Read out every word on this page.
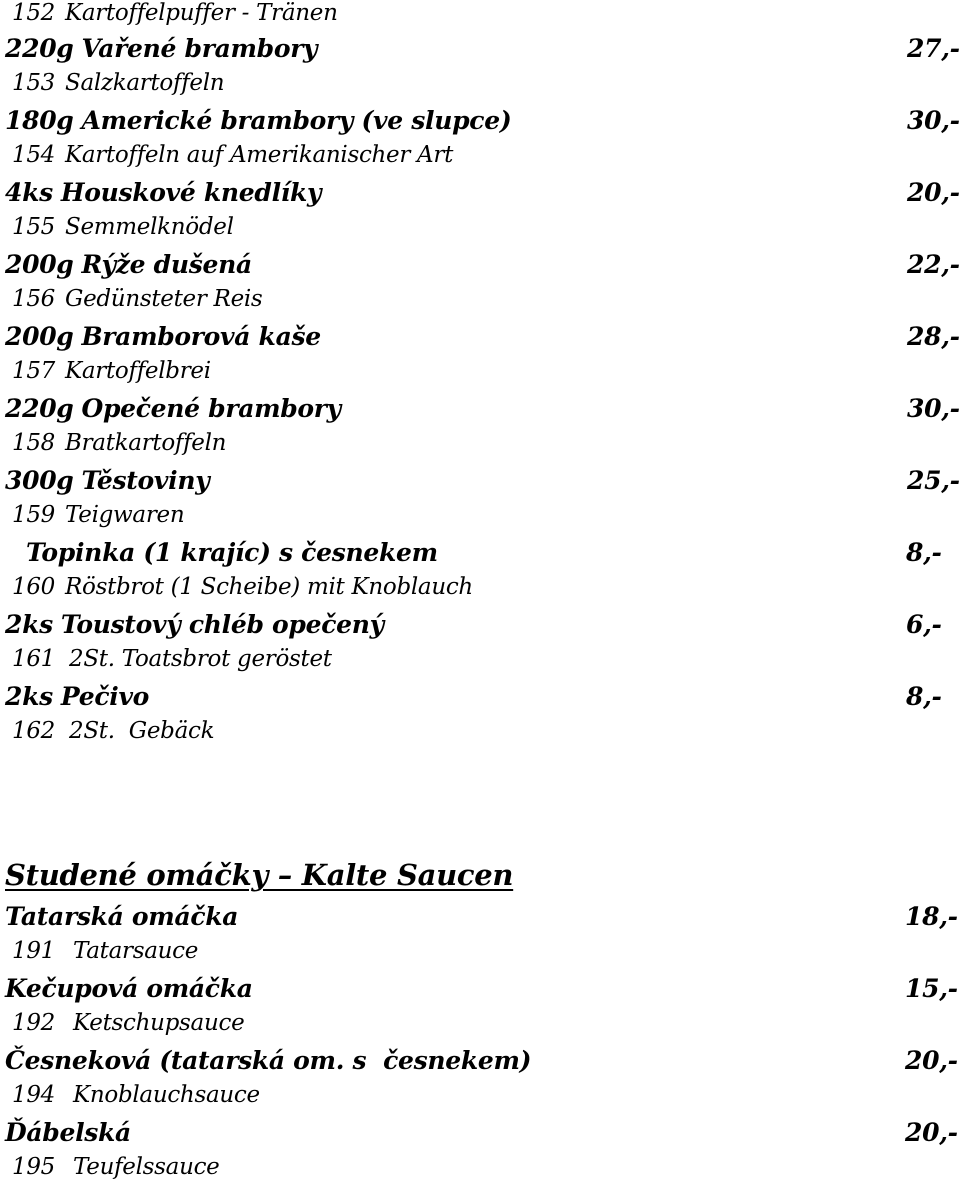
152 Kartoffelpuffer - Tränen
220g Vařené brambory	27,-
153 Salzkartoffeln
180g Americké brambory (ve slupce)	30,-
154 Kartoffeln auf Amerikanischer Art
4ks Houskové knedlíky	20,-
155 Semmelknödel
200g Rýže dušená	22,-
156 Gedünsteter Reis
200g Bramborová kaše	28,-
157 Kartoffelbrei
220g Opečené brambory	30,-
158 Bratkartoffeln
300g Těstoviny	25,-
159 Teigwaren
Topinka (1 krajíc) s česnekem	8,-
160 Röstbrot (1 Scheibe) mit Knoblauch
2ks Toustový chléb opečený	6,-
161 2St. Toatsbrot geröstet
2ks Pečivo	8,-
162 2St.  Gebäck
Studené omáčky – Kalte Saucen
Tatarská omáčka	18,-
191 Tatarsauce
Kečupová omáčka	15,-
192 Ketschupsauce
Česneková (tatarská om. s  česnekem)	20,-
194 Knoblauchsauce
Ďábelská	20,-
195 Teufelssauce
